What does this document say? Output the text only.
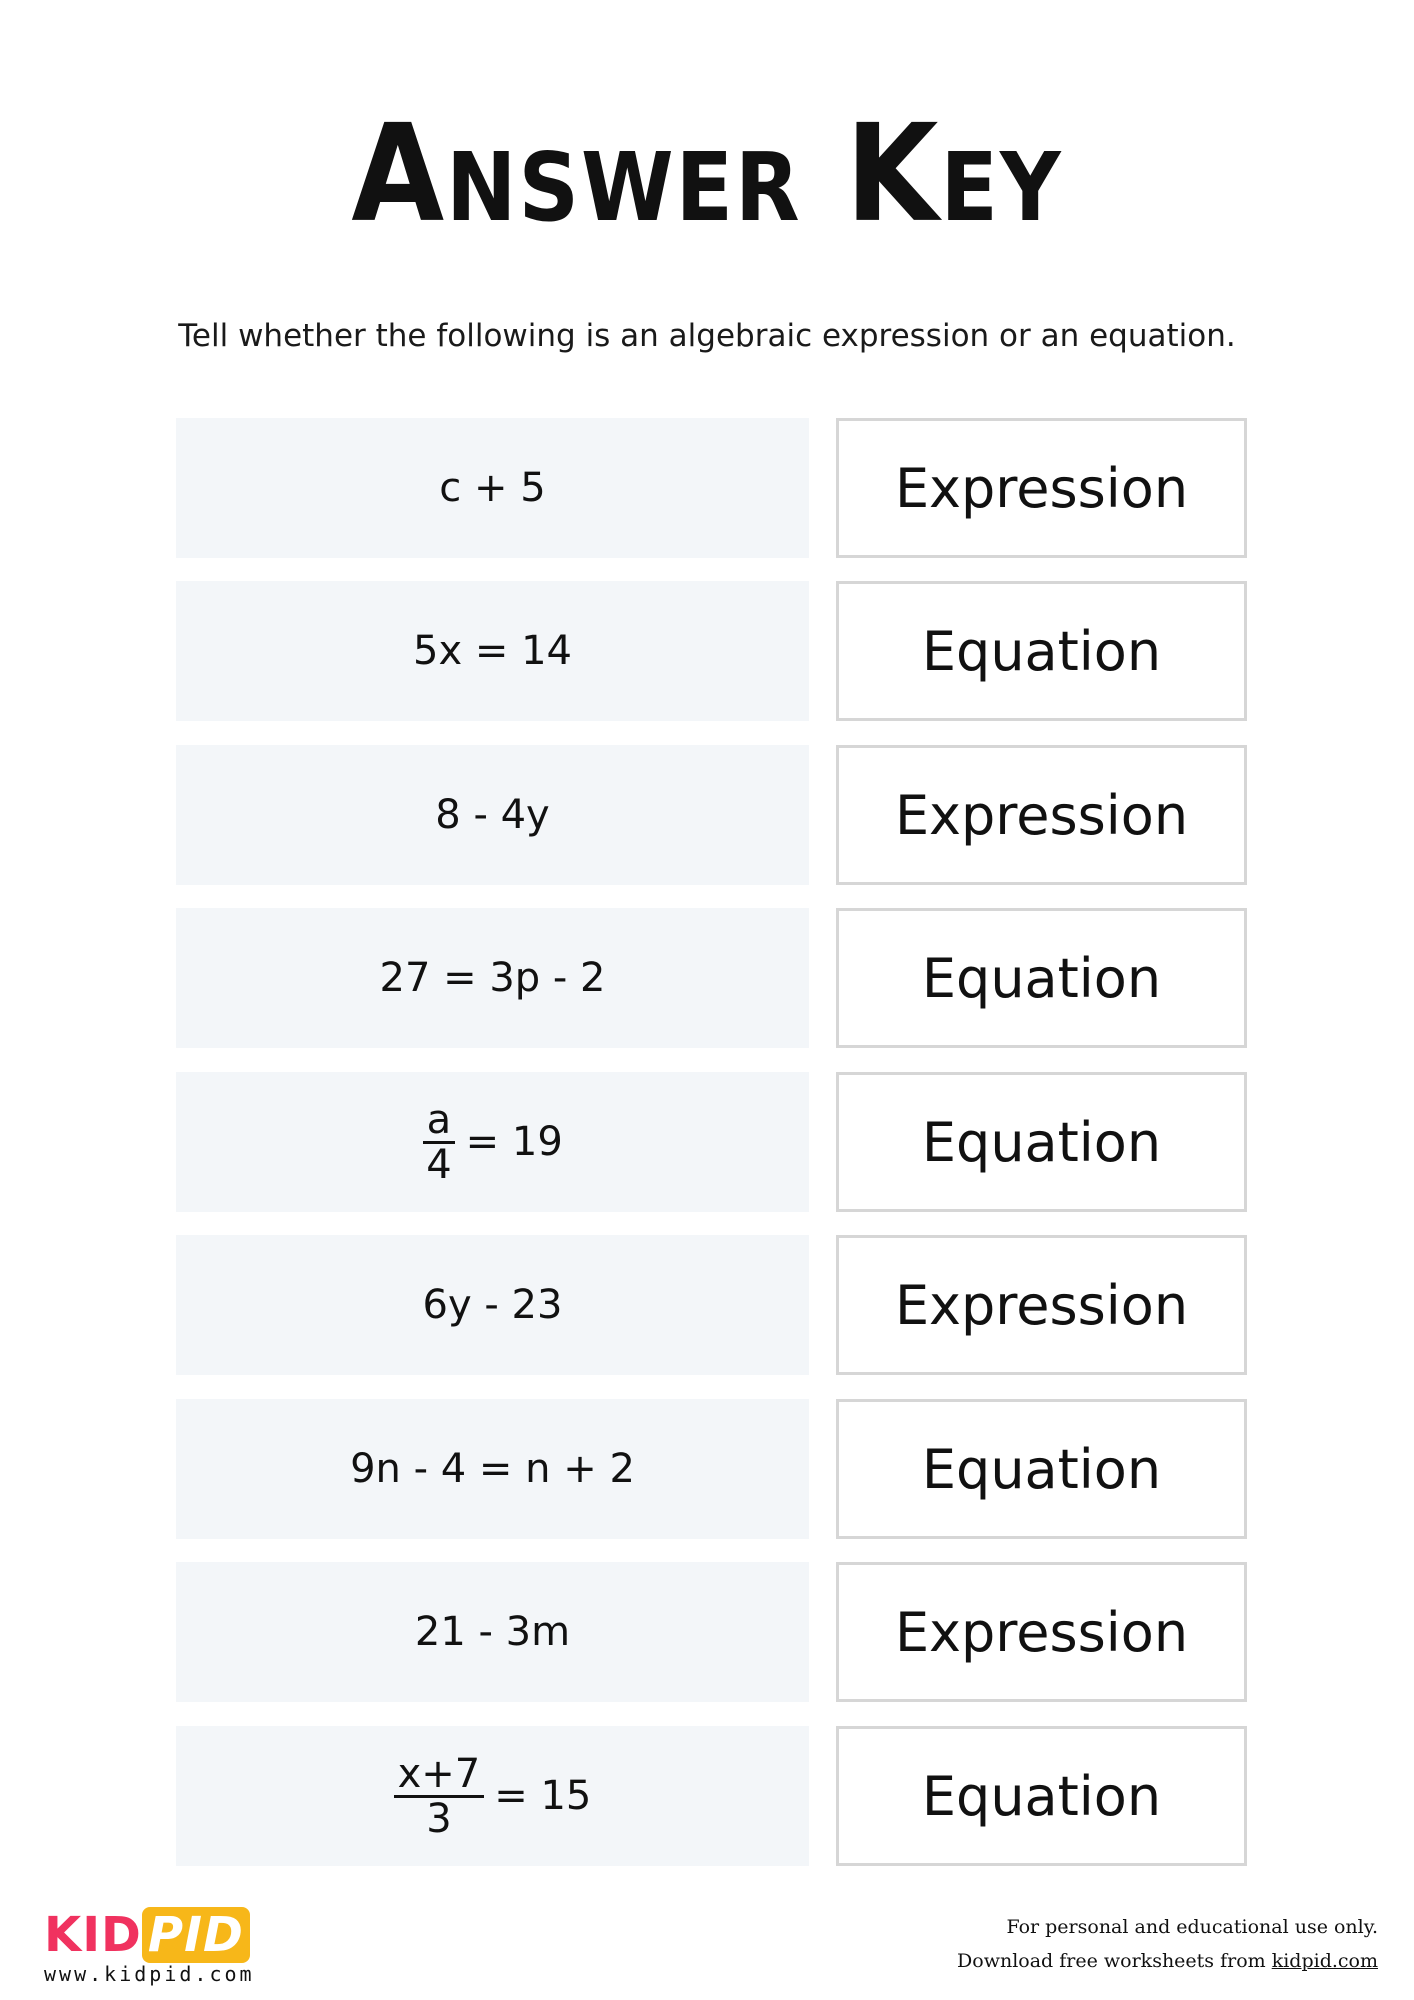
Answer Key
Tell whether the following is an algebraic expression or an equation.
c + 5	Expression
5x = 14	Equation
8 - 4y	Expression
27 = 3p - 2	Equation
$\frac{a}{4} = 19$	Equation
6y - 23	Expression
9n - 4 = n + 2	Equation
21 - 3m	Expression
$\frac{x+7}{3} = 15$	Equation
KID PID
www.kidpid.com
For personal and educational use only.
Download free worksheets from kidpid.com
